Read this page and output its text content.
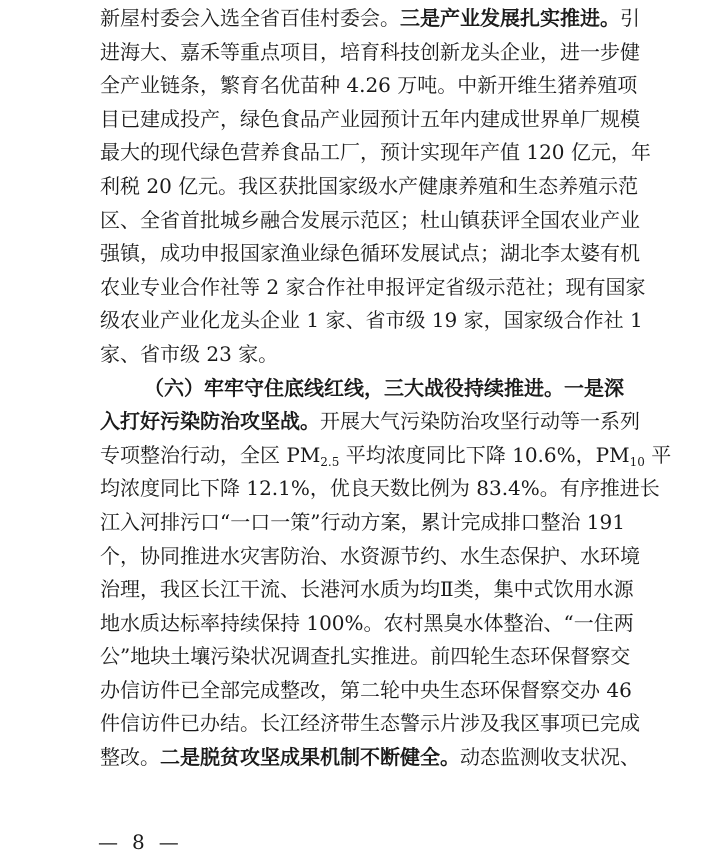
新屋村委会入选全省百佳村委会。三是产业发展扎实推进。引
进海大、嘉禾等重点项目，培育科技创新龙头企业，进一步健
全产业链条，繁育名优苗种 4.26 万吨。中新开维生猪养殖项
目已建成投产，绿色食品产业园预计五年内建成世界单厂规模
最大的现代绿色营养食品工厂，预计实现年产值 120 亿元，年
利税 20 亿元。我区获批国家级水产健康养殖和生态养殖示范
区、全省首批城乡融合发展示范区；杜山镇获评全国农业产业
强镇，成功申报国家渔业绿色循环发展试点；湖北李太婆有机
农业专业合作社等 2 家合作社申报评定省级示范社；现有国家
级农业产业化龙头企业 1 家、省市级 19 家，国家级合作社 1
家、省市级 23 家。
（六）牢牢守住底线红线，三大战役持续推进。一是深
入打好污染防治攻坚战。开展大气污染防治攻坚行动等一系列
专项整治行动，全区 $PM_{2.5}$ 平均浓度同比下降 10.6%，$PM_{10}$ 平
均浓度同比下降 12.1%，优良天数比例为 83.4%。有序推进长
江入河排污口“一口一策”行动方案，累计完成排口整治 191
个，协同推进水灾害防治、水资源节约、水生态保护、水环境
治理，我区长江干流、长港河水质为均Ⅱ类，集中式饮用水源
地水质达标率持续保持 100%。农村黑臭水体整治、“一住两
公”地块土壤污染状况调查扎实推进。前四轮生态环保督察交
办信访件已全部完成整改，第二轮中央生态环保督察交办 46
件信访件已办结。长江经济带生态警示片涉及我区事项已完成
整改。二是脱贫攻坚成果机制不断健全。动态监测收支状况、
— 8 —
